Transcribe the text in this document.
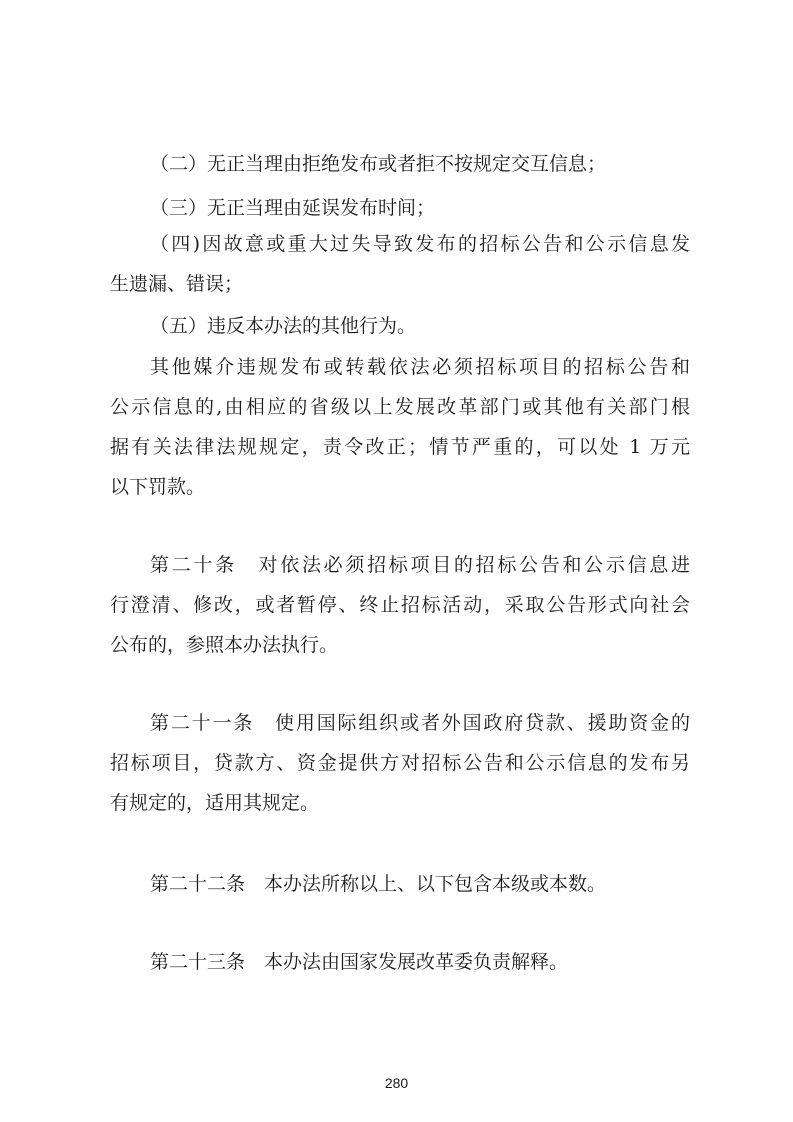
（二）无正当理由拒绝发布或者拒不按规定交互信息；

（三）无正当理由延误发布时间；

（四)因故意或重大过失导致发布的招标公告和公示信息发

生遗漏、错误；

（五）违反本办法的其他行为。

其他媒介违规发布或转载依法必须招标项目的招标公告和

公示信息的,由相应的省级以上发展改革部门或其他有关部门根

据有关法律法规规定，责令改正；情节严重的，可以处 1 万元

以下罚款。

第二十条　对依法必须招标项目的招标公告和公示信息进

行澄清、修改，或者暂停、终止招标活动，采取公告形式向社会

公布的，参照本办法执行。

第二十一条　使用国际组织或者外国政府贷款、援助资金的

招标项目，贷款方、资金提供方对招标公告和公示信息的发布另

有规定的，适用其规定。

第二十二条　本办法所称以上、以下包含本级或本数。

第二十三条　本办法由国家发展改革委负责解释。

280
